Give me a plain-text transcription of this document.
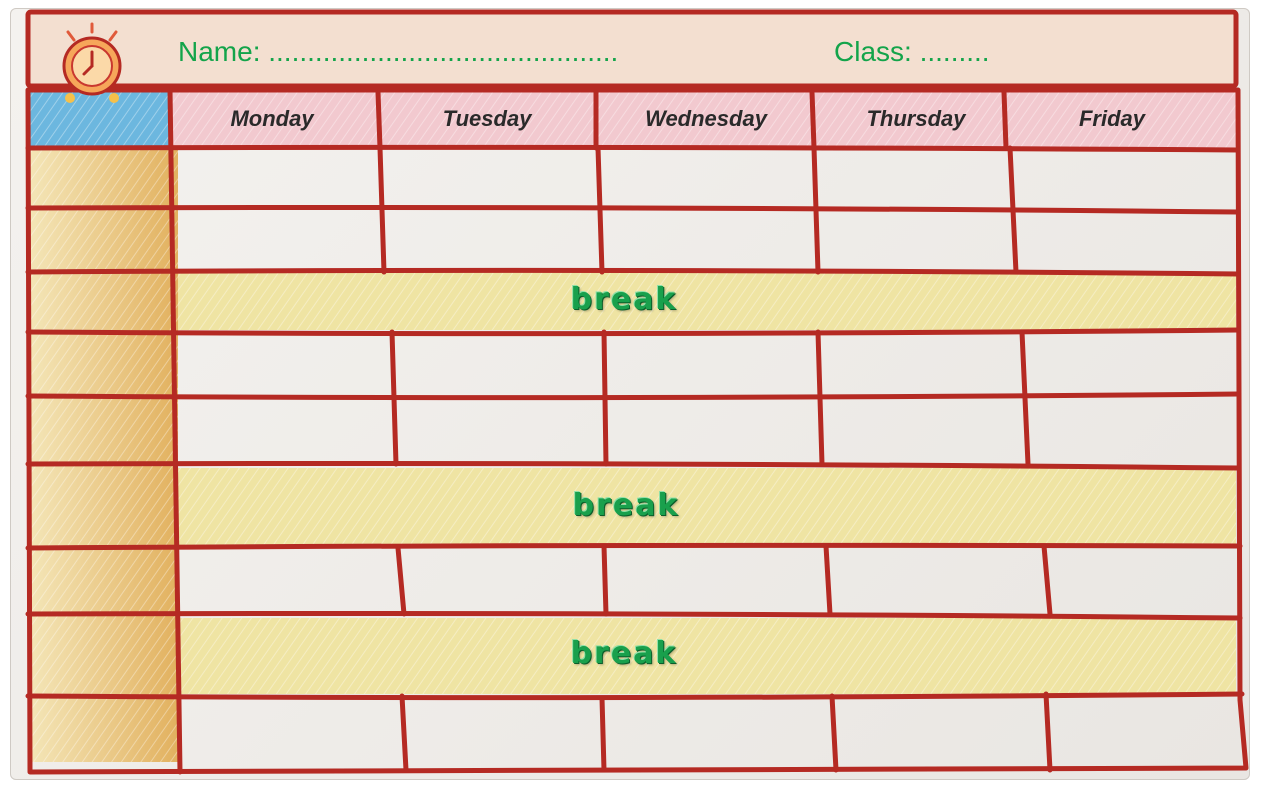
Name: .............................................	Class: .........
Monday	Tuesday	Wednesday	Thursday	Friday
break
break
break
